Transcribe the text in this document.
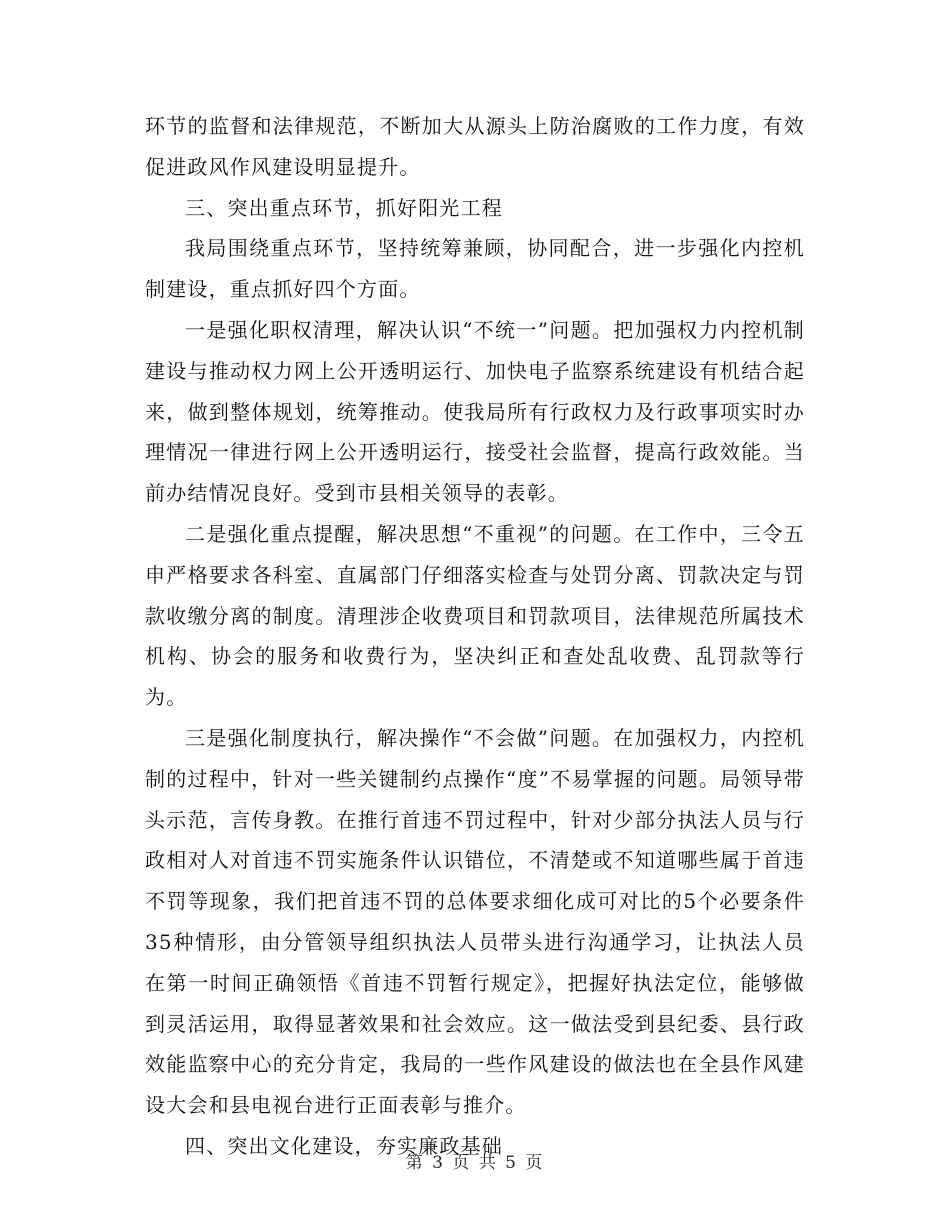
环节的监督和法律规范，不断加大从源头上防治腐败的工作力度，有效促进政风作风建设明显提升。

三、突出重点环节，抓好阳光工程

我局围绕重点环节，坚持统筹兼顾，协同配合，进一步强化内控机制建设，重点抓好四个方面。

一是强化职权清理，解决认识“不统一”问题。把加强权力内控机制建设与推动权力网上公开透明运行、加快电子监察系统建设有机结合起来，做到整体规划，统筹推动。使我局所有行政权力及行政事项实时办理情况一律进行网上公开透明运行，接受社会监督，提高行政效能。当前办结情况良好。受到市县相关领导的表彰。

二是强化重点提醒，解决思想“不重视”的问题。在工作中，三令五申严格要求各科室、直属部门仔细落实检查与处罚分离、罚款决定与罚款收缴分离的制度。清理涉企收费项目和罚款项目，法律规范所属技术机构、协会的服务和收费行为，坚决纠正和查处乱收费、乱罚款等行为。

三是强化制度执行，解决操作“不会做”问题。在加强权力，内控机制的过程中，针对一些关键制约点操作“度”不易掌握的问题。局领导带头示范，言传身教。在推行首违不罚过程中，针对少部分执法人员与行政相对人对首违不罚实施条件认识错位，不清楚或不知道哪些属于首违不罚等现象，我们把首违不罚的总体要求细化成可对比的5个必要条件35种情形，由分管领导组织执法人员带头进行沟通学习，让执法人员在第一时间正确领悟《首违不罚暂行规定》，把握好执法定位，能够做到灵活运用，取得显著效果和社会效应。这一做法受到县纪委、县行政效能监察中心的充分肯定，我局的一些作风建设的做法也在全县作风建设大会和县电视台进行正面表彰与推介。

四、突出文化建设，夯实廉政基础

第 3 页 共 5 页
